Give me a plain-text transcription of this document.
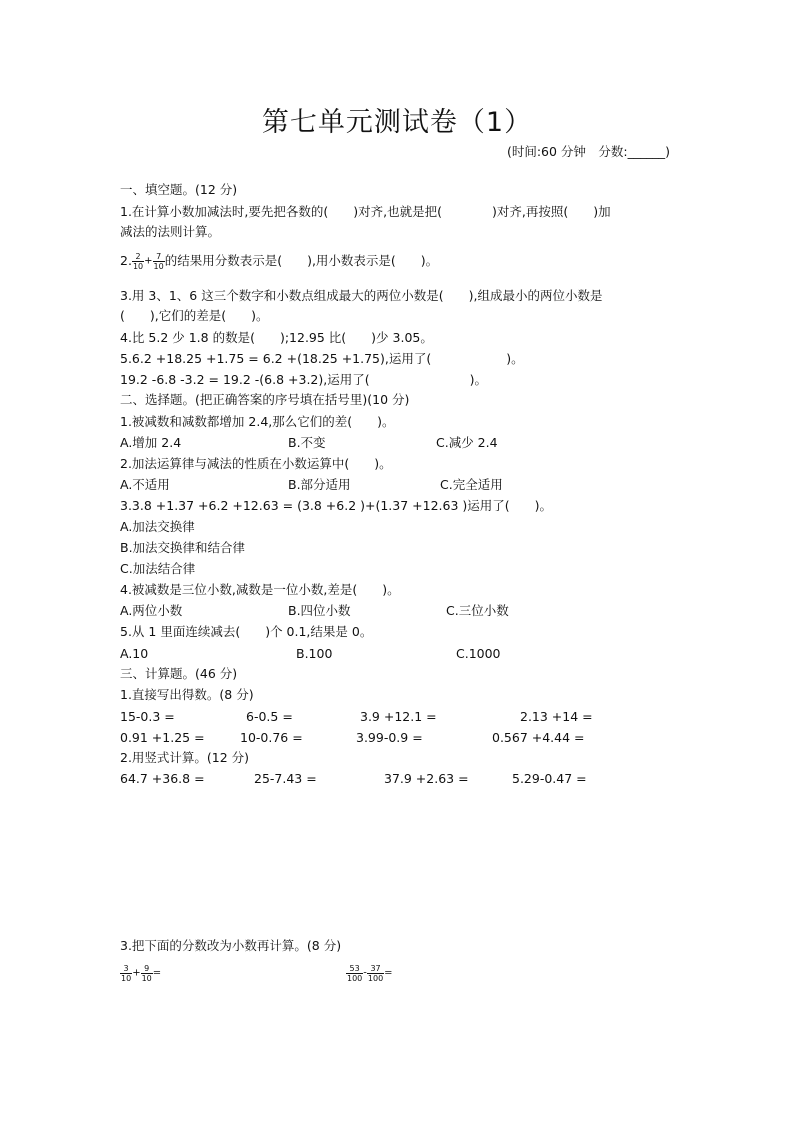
第七单元测试卷（1）
(时间:60 分钟　分数:______)
一、填空题。(12 分)
1.在计算小数加减法时,要先把各数的(　　)对齐,也就是把(　　　　)对齐,再按照(　　)加
减法的法则计算。
2. $\frac{2}{10} + \frac{7}{10}$ 的结果用分数表示是(　　),用小数表示是(　　)。
3.用 3、1、6 这三个数字和小数点组成最大的两位小数是(　　),组成最小的两位小数是
(　　),它们的差是(　　)。
4.比 5.2 少 1.8 的数是(　　);12.95 比(　　)少 3.05。
5.6.2 +18.25 +1.75 = 6.2 +(18.25 +1.75),运用了(　　　　　　)。
19.2 -6.8 -3.2 = 19.2 -(6.8 +3.2),运用了(　　　　　　　　)。
二、选择题。(把正确答案的序号填在括号里)(10 分)
1.被减数和减数都增加 2.4,那么它们的差(　　)。
A.增加 2.4	B.不变	C.减少 2.4
2.加法运算律与减法的性质在小数运算中(　　)。
A.不适用	B.部分适用	C.完全适用
3.3.8 +1.37 +6.2 +12.63 = (3.8 +6.2 )+(1.37 +12.63 )运用了(　　)。
A.加法交换律
B.加法交换律和结合律
C.加法结合律
4.被减数是三位小数,减数是一位小数,差是(　　)。
A.两位小数	B.四位小数	C.三位小数
5.从 1 里面连续减去(　　)个 0.1,结果是 0。
A.10	B.100	C.1000
三、计算题。(46 分)
1.直接写出得数。(8 分)
15-0.3 =	6-0.5 =	3.9 +12.1 =	2.13 +14 =
0.91 +1.25 =	10-0.76 =	3.99-0.9 =	0.567 +4.44 =
2.用竖式计算。(12 分)
64.7 +36.8 =	25-7.43 =	37.9 +2.63 =	5.29-0.47 =
3.把下面的分数改为小数再计算。(8 分)
$\frac{3}{10} + \frac{9}{10}$ =	$\frac{53}{100} - \frac{37}{100}$ =
